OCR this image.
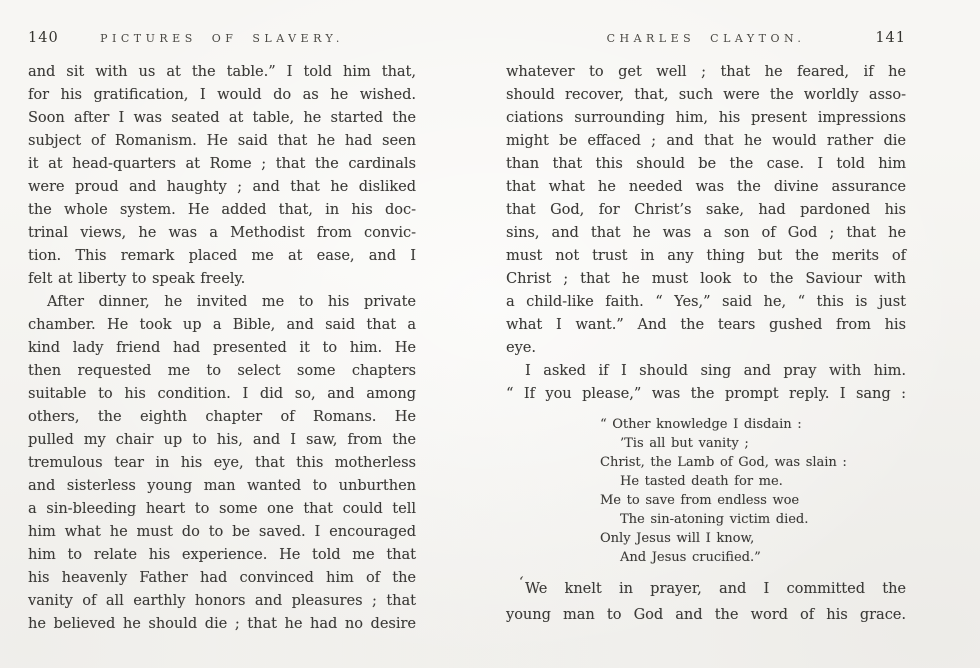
140	PICTURES OF SLAVERY.
and sit with us at the table.” I told him that,
for his gratification, I would do as he wished.
Soon after I was seated at table, he started the
subject of Romanism. He said that he had seen
it at head-quarters at Rome ; that the cardinals
were proud and haughty ; and that he disliked
the whole system. He added that, in his doc-
trinal views, he was a Methodist from convic-
tion. This remark placed me at ease, and I
felt at liberty to speak freely.
After dinner, he invited me to his private
chamber. He took up a Bible, and said that a
kind lady friend had presented it to him. He
then requested me to select some chapters
suitable to his condition. I did so, and among
others, the eighth chapter of Romans. He
pulled my chair up to his, and I saw, from the
tremulous tear in his eye, that this motherless
and sisterless young man wanted to unburthen
a sin-bleeding heart to some one that could tell
him what he must do to be saved. I encouraged
him to relate his experience. He told me that
his heavenly Father had convinced him of the
vanity of all earthly honors and pleasures ; that
he believed he should die ; that he had no desire
CHARLES CLAYTON.	141
whatever to get well ; that he feared, if he
should recover, that, such were the worldly asso-
ciations surrounding him, his present impressions
might be effaced ; and that he would rather die
than that this should be the case. I told him
that what he needed was the divine assurance
that God, for Christ’s sake, had pardoned his
sins, and that he was a son of God ; that he
must not trust in any thing but the merits of
Christ ; that he must look to the Saviour with
a child-like faith. “ Yes,” said he, “ this is just
what I want.” And the tears gushed from his
eye.
I asked if I should sing and pray with him.
“ If you please,” was the prompt reply. I sang :
“ Other knowledge I disdain :
’Tis all but vanity ;
Christ, the Lamb of God, was slain :
He tasted death for me.
Me to save from endless woe
The sin-atoning victim died.
Only Jesus will I know,
And Jesus crucified.”
We knelt in prayer, and I committed the
young man to God and the word of his grace.
‘
